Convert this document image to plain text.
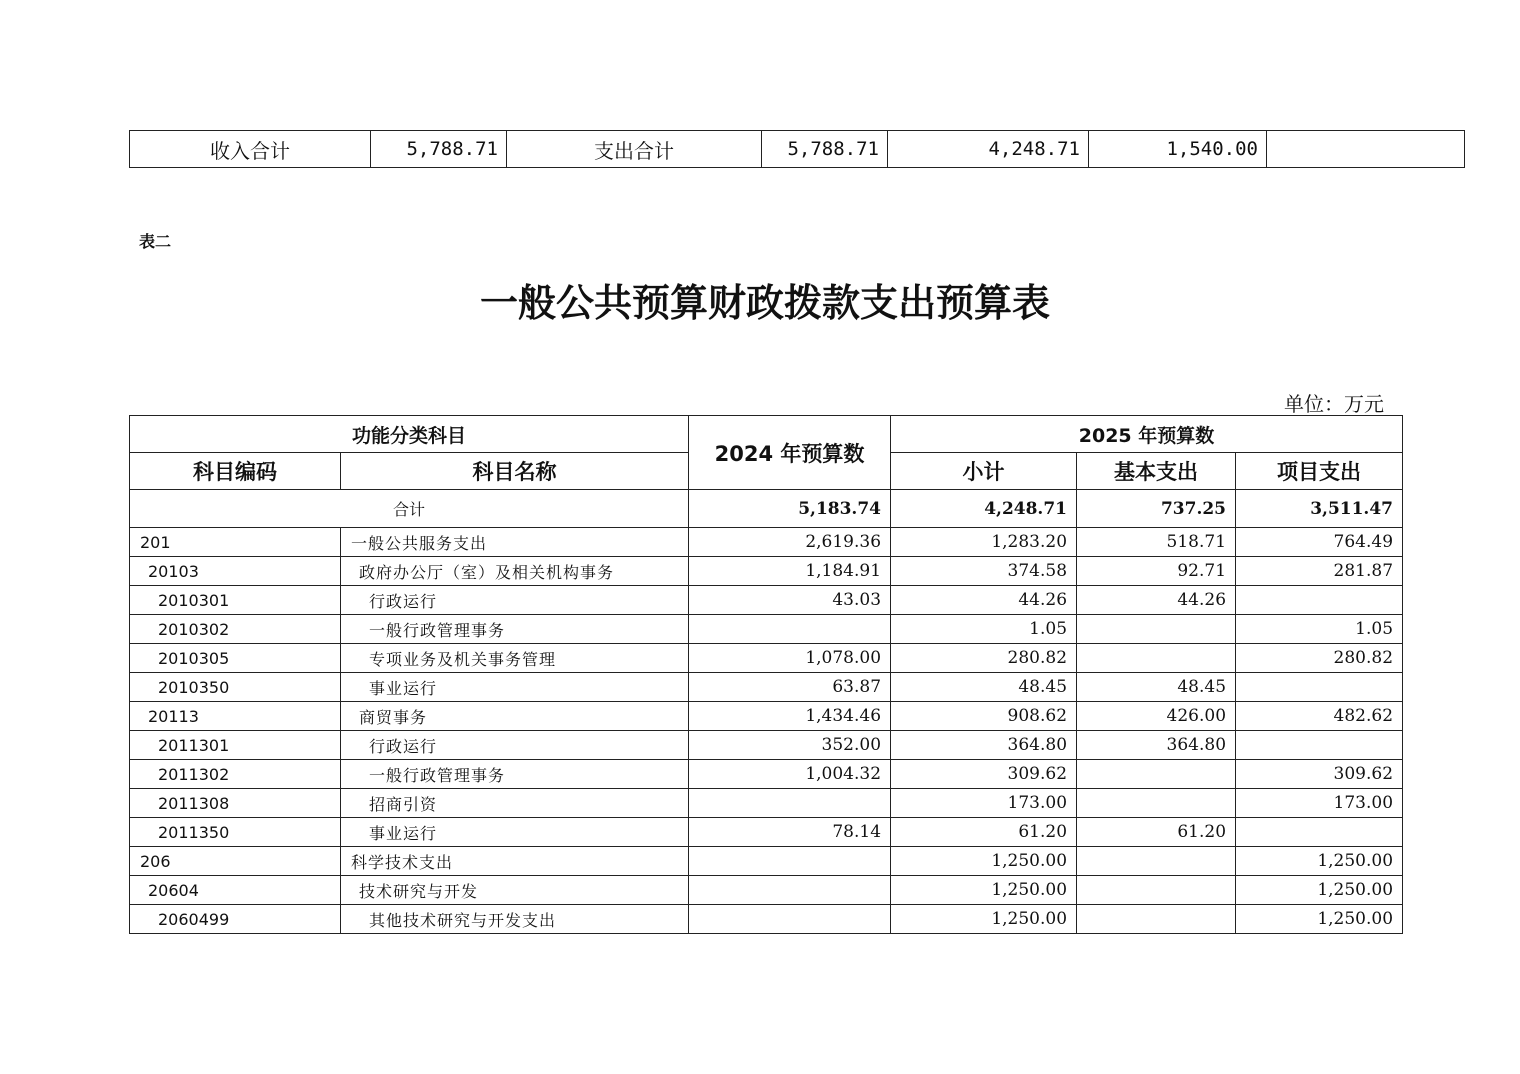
收入合计	5,788.71	支出合计	5,788.71	4,248.71	1,540.00	
表二
一般公共预算财政拨款支出预算表
单位：万元
功能分类科目		2024 年预算数	2025 年预算数		
科目编码	科目名称		小计	基本支出	项目支出
合计		5,183.74	4,248.71	737.25	3,511.47
201	一般公共服务支出	2,619.36	1,283.20	518.71	764.49
20103	政府办公厅（室）及相关机构事务	1,184.91	374.58	92.71	281.87
2010301	行政运行	43.03	44.26	44.26	
2010302	一般行政管理事务		1.05		1.05
2010305	专项业务及机关事务管理	1,078.00	280.82		280.82
2010350	事业运行	63.87	48.45	48.45	
20113	商贸事务	1,434.46	908.62	426.00	482.62
2011301	行政运行	352.00	364.80	364.80	
2011302	一般行政管理事务	1,004.32	309.62		309.62
2011308	招商引资		173.00		173.00
2011350	事业运行	78.14	61.20	61.20	
206	科学技术支出		1,250.00		1,250.00
20604	技术研究与开发		1,250.00		1,250.00
2060499	其他技术研究与开发支出		1,250.00		1,250.00
